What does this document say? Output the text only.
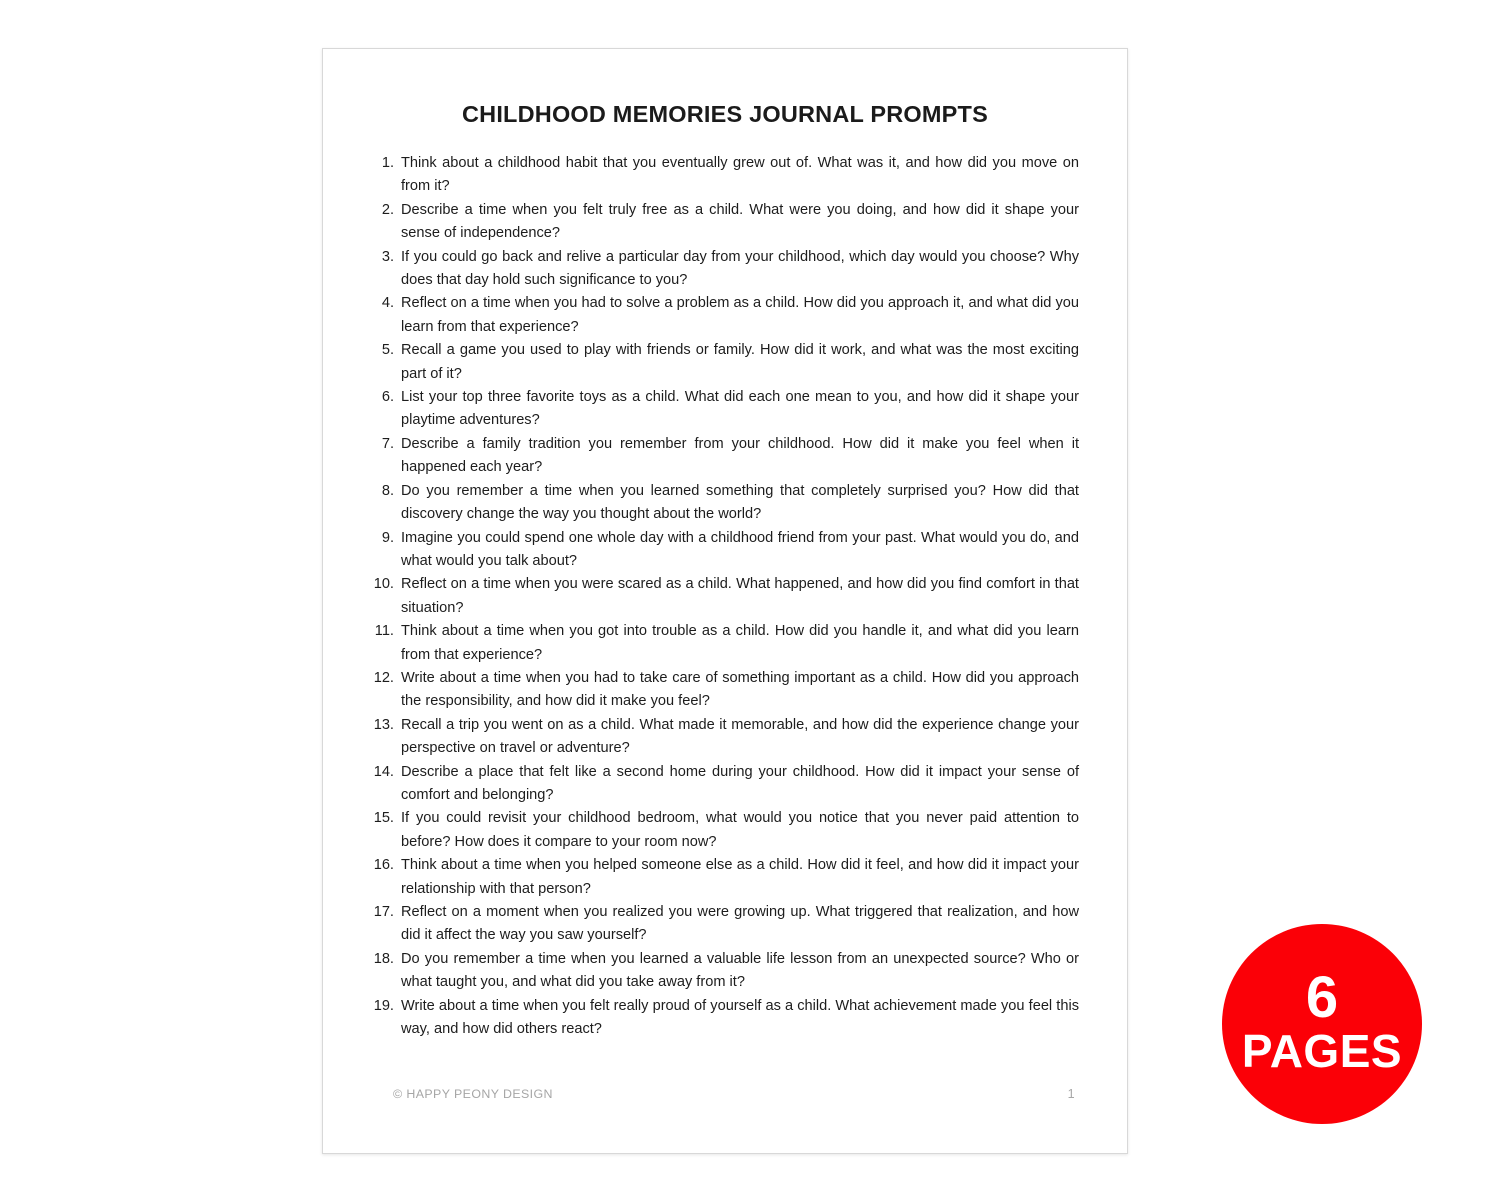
CHILDHOOD MEMORIES JOURNAL PROMPTS
1. Think about a childhood habit that you eventually grew out of. What was it, and how did you move on from it?
2. Describe a time when you felt truly free as a child. What were you doing, and how did it shape your sense of independence?
3. If you could go back and relive a particular day from your childhood, which day would you choose? Why does that day hold such significance to you?
4. Reflect on a time when you had to solve a problem as a child. How did you approach it, and what did you learn from that experience?
5. Recall a game you used to play with friends or family. How did it work, and what was the most exciting part of it?
6. List your top three favorite toys as a child. What did each one mean to you, and how did it shape your playtime adventures?
7. Describe a family tradition you remember from your childhood. How did it make you feel when it happened each year?
8. Do you remember a time when you learned something that completely surprised you? How did that discovery change the way you thought about the world?
9. Imagine you could spend one whole day with a childhood friend from your past. What would you do, and what would you talk about?
10. Reflect on a time when you were scared as a child. What happened, and how did you find comfort in that situation?
11. Think about a time when you got into trouble as a child. How did you handle it, and what did you learn from that experience?
12. Write about a time when you had to take care of something important as a child. How did you approach the responsibility, and how did it make you feel?
13. Recall a trip you went on as a child. What made it memorable, and how did the experience change your perspective on travel or adventure?
14. Describe a place that felt like a second home during your childhood. How did it impact your sense of comfort and belonging?
15. If you could revisit your childhood bedroom, what would you notice that you never paid attention to before? How does it compare to your room now?
16. Think about a time when you helped someone else as a child. How did it feel, and how did it impact your relationship with that person?
17. Reflect on a moment when you realized you were growing up. What triggered that realization, and how did it affect the way you saw yourself?
18. Do you remember a time when you learned a valuable life lesson from an unexpected source? Who or what taught you, and what did you take away from it?
19. Write about a time when you felt really proud of yourself as a child. What achievement made you feel this way, and how did others react?
© HAPPY PEONY DESIGN	1
6
PAGES
